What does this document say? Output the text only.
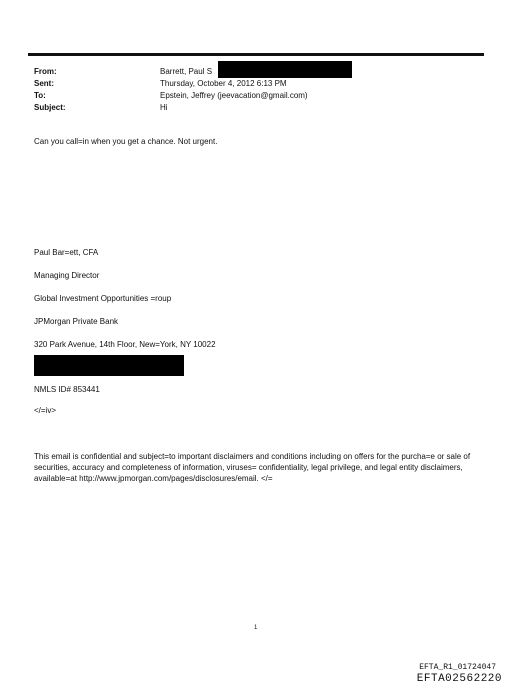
From:	Barrett, Paul S
Sent:	Thursday, October 4, 2012 6:13 PM
To:	Epstein, Jeffrey (jeevacation@gmail.com)
Subject:	Hi
Can you call=in when you get a chance. Not urgent.
Paul Bar=ett, CFA
Managing Director
Global Investment Opportunities =roup
JPMorgan Private Bank
320 Park Avenue, 14th Floor, New=York, NY 10022
NMLS ID# 853441
</=iv>
This email is confidential and subject=to important disclaimers and conditions including on offers for the purcha=e or sale of securities, accuracy and completeness of information, viruses= confidentiality, legal privilege, and legal entity disclaimers, available=at http://www.jpmorgan.com/pages/disclosures/email. </=
1
EFTA_R1_01724047
EFTA02562220
